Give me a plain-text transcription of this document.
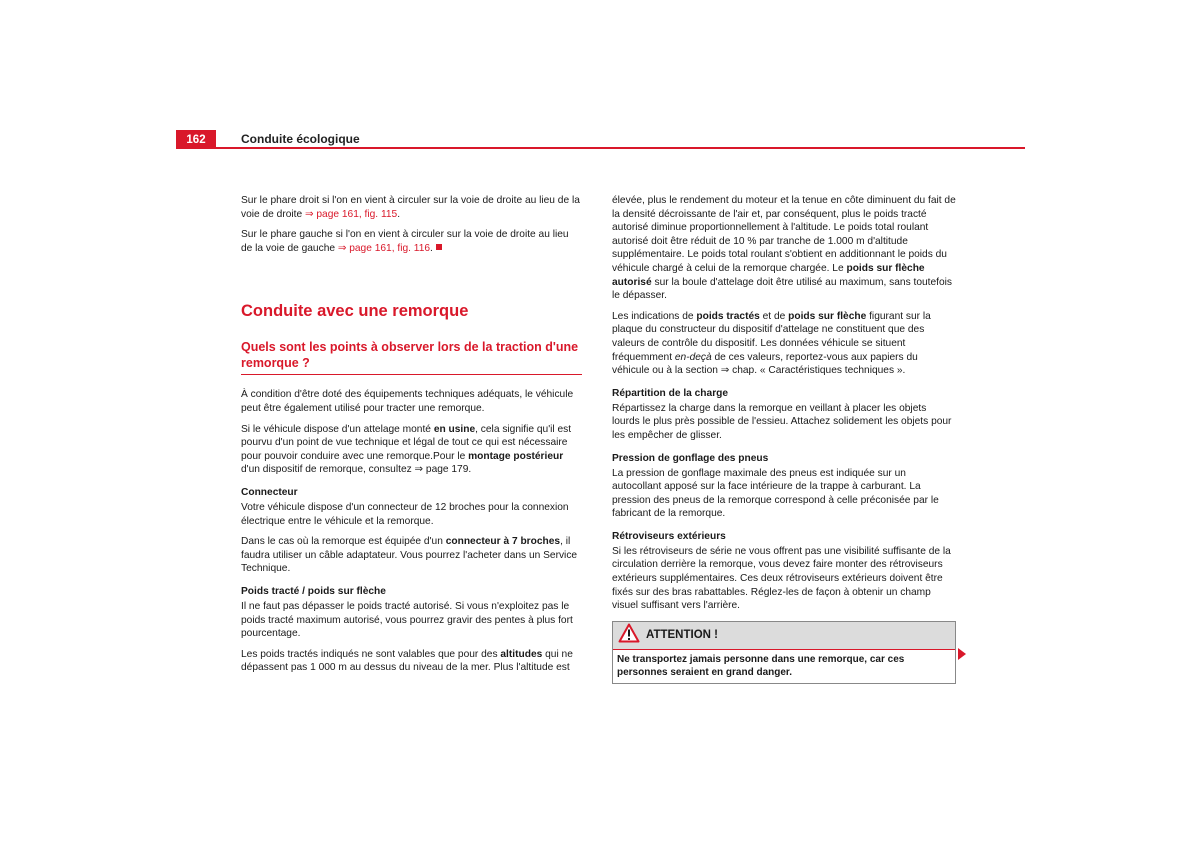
162	Conduite écologique

Sur le phare droit si l'on en vient à circuler sur la voie de droite au lieu de la voie de droite ⇒ page 161, fig. 115.

Sur le phare gauche si l'on en vient à circuler sur la voie de droite au lieu de la voie de gauche ⇒ page 161, fig. 116.

Conduite avec une remorque
Quels sont les points à observer lors de la traction d'une remorque ?

À condition d'être doté des équipements techniques adéquats, le véhicule peut être également utilisé pour tracter une remorque.

Si le véhicule dispose d'un attelage monté en usine, cela signifie qu'il est pourvu d'un point de vue technique et légal de tout ce qui est nécessaire pour pouvoir conduire avec une remorque.Pour le montage postérieur d'un dispositif de remorque, consultez ⇒ page 179.

Connecteur

Votre véhicule dispose d'un connecteur de 12 broches pour la connexion électrique entre le véhicule et la remorque.

Dans le cas où la remorque est équipée d'un connecteur à 7 broches, il faudra utiliser un câble adaptateur. Vous pourrez l'acheter dans un Service Technique.

Poids tracté / poids sur flèche

Il ne faut pas dépasser le poids tracté autorisé. Si vous n'exploitez pas le poids tracté maximum autorisé, vous pourrez gravir des pentes à plus fort pourcentage.

Les poids tractés indiqués ne sont valables que pour des altitudes qui ne dépassent pas 1 000 m au dessus du niveau de la mer. Plus l'altitude est

élevée, plus le rendement du moteur et la tenue en côte diminuent du fait de la densité décroissante de l'air et, par conséquent, plus le poids tracté autorisé diminue proportionnellement à l'altitude. Le poids total roulant autorisé doit être réduit de 10 % par tranche de 1.000 m d'altitude supplémentaire. Le poids total roulant s'obtient en additionnant le poids du véhicule chargé à celui de la remorque chargée. Le poids sur flèche autorisé sur la boule d'attelage doit être utilisé au maximum, sans toutefois le dépasser.

Les indications de poids tractés et de poids sur flèche figurant sur la plaque du constructeur du dispositif d'attelage ne constituent que des valeurs de contrôle du dispositif. Les données véhicule se situent fréquemment en-deçà de ces valeurs, reportez-vous aux papiers du véhicule ou à la section ⇒ chap. « Caractéristiques techniques ».

Répartition de la charge

Répartissez la charge dans la remorque en veillant à placer les objets lourds le plus près possible de l'essieu. Attachez solidement les objets pour les empêcher de glisser.

Pression de gonflage des pneus

La pression de gonflage maximale des pneus est indiquée sur un autocollant apposé sur la face intérieure de la trappe à carburant. La pression des pneus de la remorque correspond à celle préconisée par le fabricant de la remorque.

Rétroviseurs extérieurs

Si les rétroviseurs de série ne vous offrent pas une visibilité suffisante de la circulation derrière la remorque, vous devez faire monter des rétroviseurs extérieurs supplémentaires. Ces deux rétroviseurs extérieurs doivent être fixés sur des bras rabattables. Réglez-les de façon à obtenir un champ visuel suffisant vers l'arrière.

ATTENTION !
Ne transportez jamais personne dans une remorque, car ces personnes seraient en grand danger.
